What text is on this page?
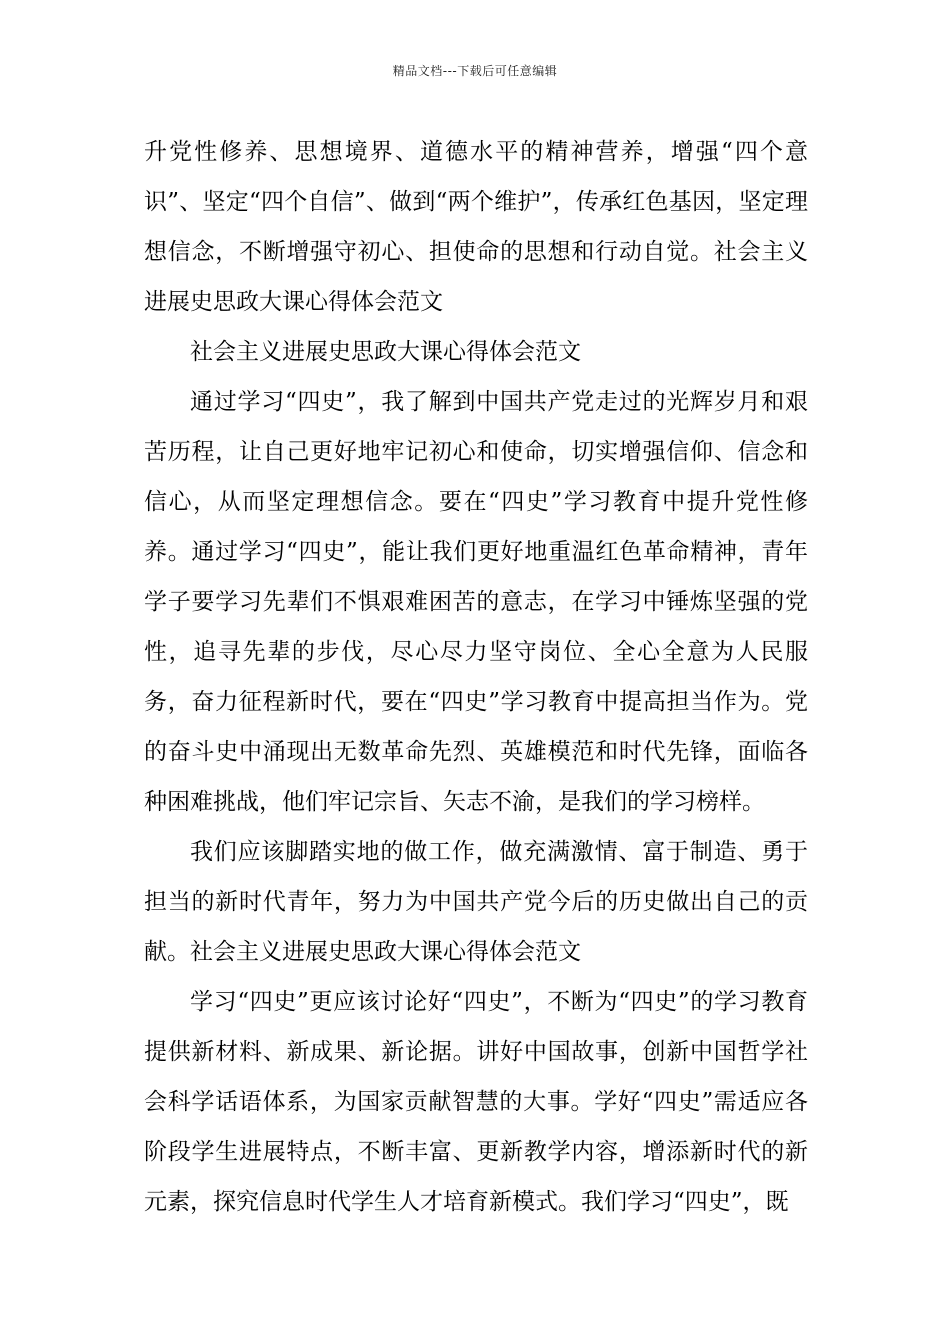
精品文档---下载后可任意编辑

升党性修养、思想境界、道德水平的精神营养，增强“四个意识”、坚定“四个自信”、做到“两个维护”，传承红色基因，坚定理想信念，不断增强守初心、担使命的思想和行动自觉。社会主义进展史思政大课心得体会范文

社会主义进展史思政大课心得体会范文

通过学习“四史”，我了解到中国共产党走过的光辉岁月和艰苦历程，让自己更好地牢记初心和使命，切实增强信仰、信念和信心，从而坚定理想信念。要在“四史”学习教育中提升党性修养。通过学习“四史”，能让我们更好地重温红色革命精神，青年学子要学习先辈们不惧艰难困苦的意志，在学习中锤炼坚强的党性，追寻先辈的步伐，尽心尽力坚守岗位、全心全意为人民服务，奋力征程新时代，要在“四史”学习教育中提高担当作为。党的奋斗史中涌现出无数革命先烈、英雄模范和时代先锋，面临各种困难挑战，他们牢记宗旨、矢志不渝，是我们的学习榜样。

我们应该脚踏实地的做工作，做充满激情、富于制造、勇于担当的新时代青年，努力为中国共产党今后的历史做出自己的贡献。社会主义进展史思政大课心得体会范文

学习“四史”更应该讨论好“四史”，不断为“四史”的学习教育提供新材料、新成果、新论据。讲好中国故事，创新中国哲学社会科学话语体系，为国家贡献智慧的大事。学好“四史”需适应各阶段学生进展特点，不断丰富、更新教学内容，增添新时代的新元素，探究信息时代学生人才培育新模式。我们学习“四史”，既
